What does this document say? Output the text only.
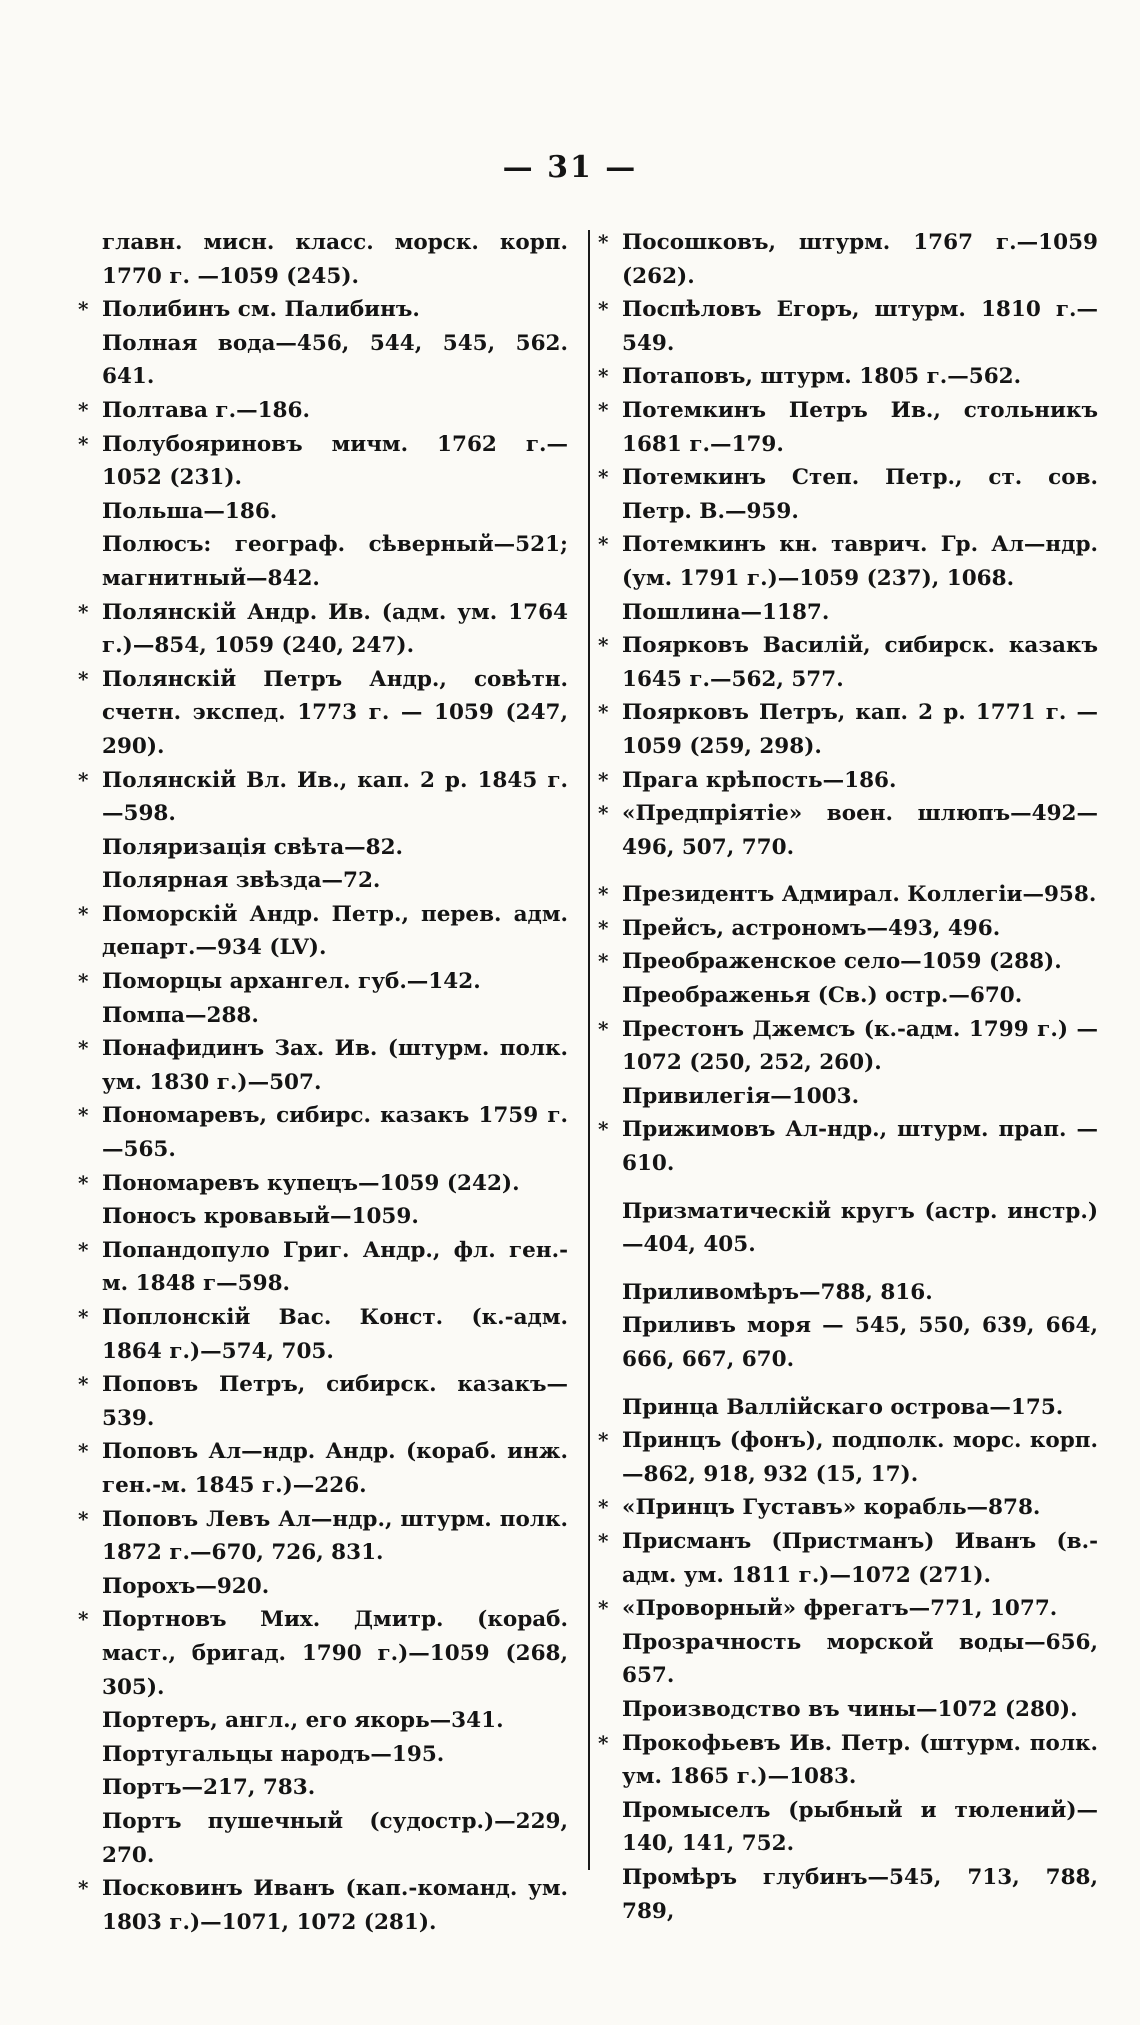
— 31 —

главн. мисн. класс. морск. корп. 1770 г. —1059 (245).

* Полибинъ см. Палибинъ.

Полная вода—456, 544, 545, 562. 641.

* Полтава г.—186.

* Полубояриновъ мичм. 1762 г.— 1052 (231).

Польша—186.

Полюсъ: географ. сѣверный—521; магнитный—842.

* Полянскій Андр. Ив. (адм. ум. 1764 г.)—854, 1059 (240, 247).

* Полянскій Петръ Андр., совѣтн. счетн. экспед. 1773 г. — 1059 (247, 290).

* Полянскій Вл. Ив., кап. 2 р. 1845 г. —598.

Поляризація свѣта—82.

Полярная звѣзда—72.

* Поморскій Андр. Петр., перев. адм. департ.—934 (LV).

* Поморцы архангел. губ.—142.

Помпа—288.

* Понафидинъ Зах. Ив. (штурм. полк. ум. 1830 г.)—507.

* Пономаревъ, сибирс. казакъ 1759 г. —565.

* Пономаревъ купецъ—1059 (242).

Поносъ кровавый—1059.

* Попандопуло Григ. Андр., фл. ген.-м. 1848 г—598.

* Поплонскій Вас. Конст. (к.-адм. 1864 г.)—574, 705.

* Поповъ Петръ, сибирск. казакъ—539.

* Поповъ Ал—ндр. Андр. (кораб. инж. ген.-м. 1845 г.)—226.

* Поповъ Левъ Ал—ндр., штурм. полк. 1872 г.—670, 726, 831.

Порохъ—920.

* Портновъ Мих. Дмитр. (кораб. маст., бригад. 1790 г.)—1059 (268, 305).

Портеръ, англ., его якорь—341.

Португальцы народъ—195.

Портъ—217, 783.

Портъ пушечный (судостр.)—229, 270.

* Посковинъ Иванъ (кап.-команд. ум. 1803 г.)—1071, 1072 (281).

* Посошковъ, штурм. 1767 г.—1059 (262).

* Поспѣловъ Егоръ, штурм. 1810 г.— 549.

* Потаповъ, штурм. 1805 г.—562.

* Потемкинъ Петръ Ив., стольникъ 1681 г.—179.

* Потемкинъ Степ. Петр., ст. сов. Петр. В.—959.

* Потемкинъ кн. таврич. Гр. Ал—ндр. (ум. 1791 г.)—1059 (237), 1068.

Пошлина—1187.

* Поярковъ Василій, сибирск. казакъ 1645 г.—562, 577.

* Поярковъ Петръ, кап. 2 р. 1771 г. —1059 (259, 298).

* Прага крѣпость—186.

* «Предпріятіе» воен. шлюпъ—492—496, 507, 770.

* Президентъ Адмирал. Коллегіи—958.

* Прейсъ, астрономъ—493, 496.

* Преображенское село—1059 (288).

Преображенья (Св.) остр.—670.

* Престонъ Джемсъ (к.-адм. 1799 г.) —1072 (250, 252, 260).

Привилегія—1003.

* Прижимовъ Ал-ндр., штурм. прап. —610.

Призматическій кругъ (астр. инстр.) —404, 405.

Приливомѣръ—788, 816.

Приливъ моря — 545, 550, 639, 664, 666, 667, 670.

Принца Валлійскаго острова—175.

* Принцъ (фонъ), подполк. морс. корп. —862, 918, 932 (15, 17).

* «Принцъ Густавъ» корабль—878.

* Присманъ (Пристманъ) Иванъ (в.-адм. ум. 1811 г.)—1072 (271).

* «Проворный» фрегатъ—771, 1077.

Прозрачность морской воды—656, 657.

Производство въ чины—1072 (280).

* Прокофьевъ Ив. Петр. (штурм. полк. ум. 1865 г.)—1083.

Промыселъ (рыбный и тюлений)—140, 141, 752.

Промѣръ глубинъ—545, 713, 788, 789,
